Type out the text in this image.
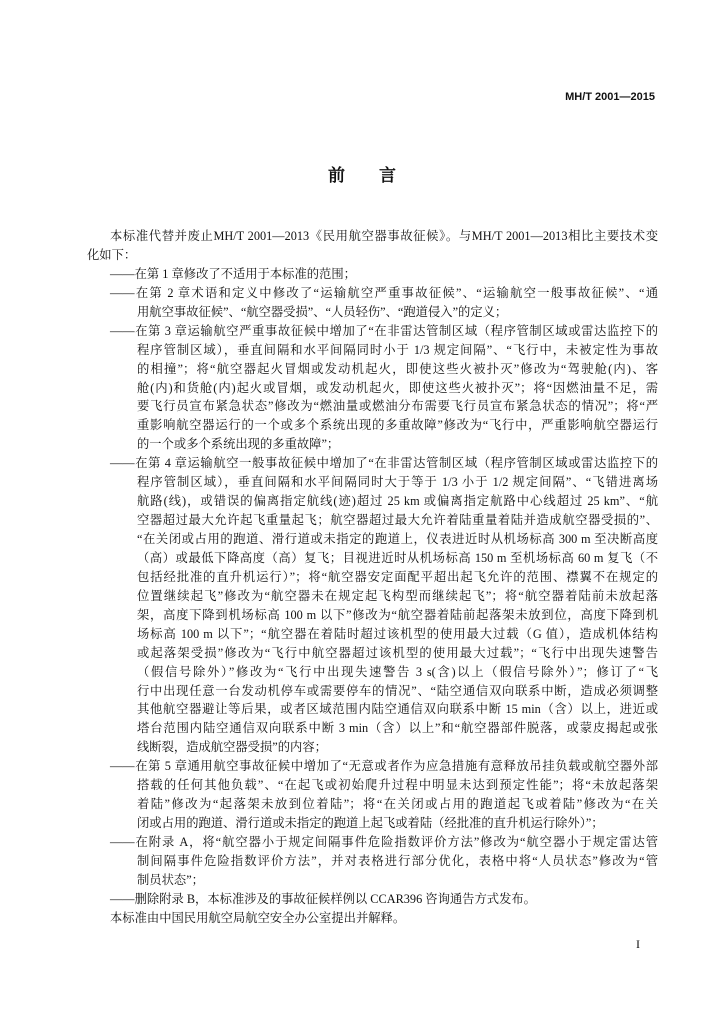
MH/T 2001—2015
前　　言
本标准代替并废止MH/T 2001—2013《民用航空器事故征候》。与MH/T 2001—2013相比主要技术变
化如下：
——在第 1 章修改了不适用于本标准的范围；
——在第 2 章术语和定义中修改了“运输航空严重事故征候”、“运输航空一般事故征候”、“通
用航空事故征候”、“航空器受损”、“人员轻伤”、“跑道侵入”的定义；
——在第 3 章运输航空严重事故征候中增加了“在非雷达管制区域（程序管制区域或雷达监控下的
程序管制区域），垂直间隔和水平间隔同时小于 1/3 规定间隔”、“飞行中，未被定性为事故
的相撞”；将“航空器起火冒烟或发动机起火，即使这些火被扑灭”修改为“驾驶舱(内)、客
舱(内)和货舱(内)起火或冒烟，或发动机起火，即使这些火被扑灭”；将“因燃油量不足，需
要飞行员宣布紧急状态”修改为“燃油量或燃油分布需要飞行员宣布紧急状态的情况”；将“严
重影响航空器运行的一个或多个系统出现的多重故障”修改为“飞行中，严重影响航空器运行
的一个或多个系统出现的多重故障”；
——在第 4 章运输航空一般事故征候中增加了“在非雷达管制区域（程序管制区域或雷达监控下的
程序管制区域），垂直间隔和水平间隔同时大于等于 1/3 小于 1/2 规定间隔”、“飞错进离场
航路(线)，或错误的偏离指定航线(迹)超过 25 km 或偏离指定航路中心线超过 25 km”、“航
空器超过最大允许起飞重量起飞；航空器超过最大允许着陆重量着陆并造成航空器受损的”、
“在关闭或占用的跑道、滑行道或未指定的跑道上，仪表进近时从机场标高 300 m 至决断高度
（高）或最低下降高度（高）复飞；目视进近时从机场标高 150 m 至机场标高 60 m 复飞（不
包括经批准的直升机运行）”；将“航空器安定面配平超出起飞允许的范围、襟翼不在规定的
位置继续起飞”修改为“航空器未在规定起飞构型而继续起飞”；将“航空器着陆前未放起落
架，高度下降到机场标高 100 m 以下”修改为“航空器着陆前起落架未放到位，高度下降到机
场标高 100 m 以下”；“航空器在着陆时超过该机型的使用最大过载（G 值），造成机体结构
或起落架受损”修改为“飞行中航空器超过该机型的使用最大过载”；“飞行中出现失速警告
（假信号除外）”修改为“飞行中出现失速警告 3 s(含)以上（假信号除外）”；修订了“飞
行中出现任意一台发动机停车或需要停车的情况”、“陆空通信双向联系中断，造成必须调整
其他航空器避让等后果，或者区域范围内陆空通信双向联系中断 15 min（含）以上，进近或
塔台范围内陆空通信双向联系中断 3 min（含）以上”和“航空器部件脱落，或蒙皮揭起或张
线断裂，造成航空器受损”的内容；
——在第 5 章通用航空事故征候中增加了“无意或者作为应急措施有意释放吊挂负载或航空器外部
搭载的任何其他负载”、“在起飞或初始爬升过程中明显未达到预定性能”；将“未放起落架
着陆”修改为“起落架未放到位着陆”；将“在关闭或占用的跑道起飞或着陆”修改为“在关
闭或占用的跑道、滑行道或未指定的跑道上起飞或着陆（经批准的直升机运行除外）”；
——在附录 A，将“航空器小于规定间隔事件危险指数评价方法”修改为“航空器小于规定雷达管
制间隔事件危险指数评价方法”，并对表格进行部分优化，表格中将“人员状态”修改为“管
制员状态”；
——删除附录 B，本标准涉及的事故征候样例以 CCAR396 咨询通告方式发布。
本标准由中国民用航空局航空安全办公室提出并解释。
I
